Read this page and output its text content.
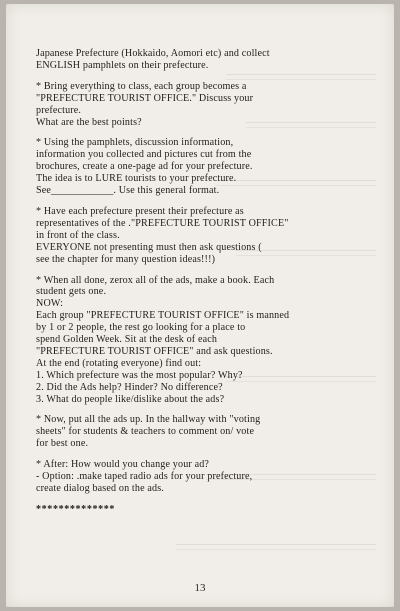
Japanese Prefecture (Hokkaido, Aomori etc) and collect
ENGLISH pamphlets on their prefecture.
* Bring everything to class, each group becomes a
"PREFECTURE TOURIST OFFICE." Discuss your
prefecture.
What are the best points?
* Using the pamphlets, discussion information,
information you collected and pictures cut from the
brochures, create a one-page ad for your prefecture.
The idea is to LURE tourists to your prefecture.
See____________. Use this general format.
* Have each prefecture present their prefecture as
representatives of the ."PREFECTURE TOURIST OFFICE"
in front of the class.
EVERYONE not presenting must then ask questions (
see the chapter for many question ideas!!!)
* When all done, zerox all of the ads, make a book. Each
student gets one.
NOW:
Each group "PREFECTURE TOURIST OFFICE" is manned
by 1 or 2 people, the rest go looking for a place to
spend Golden Week. Sit at the desk of each
"PREFECTURE TOURIST OFFICE" and ask questions.
At the end (rotating everyone) find out:
1. Which prefecture was the most popular? Why?
2. Did the Ads help? Hinder? No difference?
3. What do people like/dislike about the ads?
* Now, put all the ads up. In the hallway with "voting
sheets" for students & teachers to comment on/ vote
for best one.
* After: How would you change your ad?
- Option: .make taped radio ads for your prefecture,
create dialog based on the ads.
**************
13
